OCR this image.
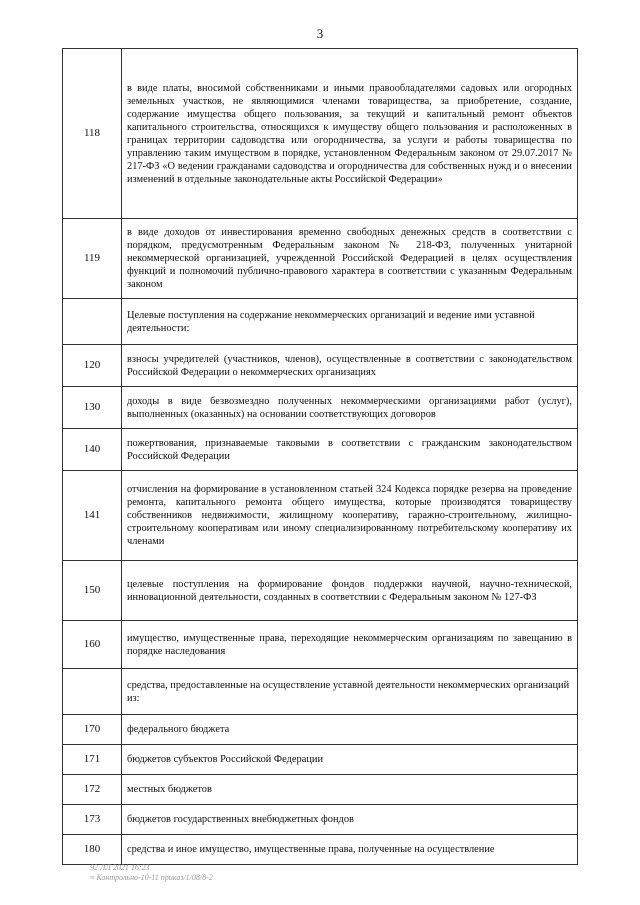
3
118	в виде платы, вносимой собственниками и иными правообладателями садовых или огородных земельных участков, не являющимися членами товарищества, за приобретение, создание, содержание имущества общего пользования, за текущий и капитальный ремонт объектов капитального строительства, относящихся к имуществу общего пользования и расположенных в границах территории садоводства или огородничества, за услуги и работы товарищества по управлению таким имуществом в порядке, установленном Федеральным законом от 29.07.2017 № 217-ФЗ «О ведении гражданами садоводства и огородничества для собственных нужд и о внесении изменений в отдельные законодательные акты Российской Федерации»
119	в виде доходов от инвестирования временно свободных денежных средств в соответствии с порядком, предусмотренным Федеральным законом № 218-ФЗ, полученных унитарной некоммерческой организацией, учрежденной Российской Федерацией в целях осуществления функций и полномочий публично-правового характера в соответствии с указанным Федеральным законом
	Целевые поступления на содержание некоммерческих организаций и ведение ими уставной деятельности:
120	взносы учредителей (участников, членов), осуществленные в соответствии с законодательством Российской Федерации о некоммерческих организациях
130	доходы в виде безвозмездно полученных некоммерческими организациями работ (услуг), выполненных (оказанных) на основании соответствующих договоров
140	пожертвования, признаваемые таковыми в соответствии с гражданским законодательством Российской Федерации
141	отчисления на формирование в установленном статьей 324 Кодекса порядке резерва на проведение ремонта, капитального ремонта общего имущества, которые производятся товариществу собственников недвижимости, жилищному кооперативу, гаражно-строительному, жилищно-строительному кооперативам или иному специализированному потребительскому кооперативу их членами
150	целевые поступления на формирование фондов поддержки научной, научно-технической, инновационной деятельности, созданных в соответствии с Федеральным законом № 127-ФЗ
160	имущество, имущественные права, переходящие некоммерческим организациям по завещанию в порядке наследования
	средства, предоставленные на осуществление уставной деятельности некоммерческих организаций из:
170	федерального бюджета
171	бюджетов субъектов Российской Федерации
172	местных бюджетов
173	бюджетов государственных внебюджетных фондов
180	средства и иное имущество, имущественные права, полученные на осуществление
92 ЛЛ 2021 16:23
≈ Контрольно-10-11 приказ/1/08/8-2
